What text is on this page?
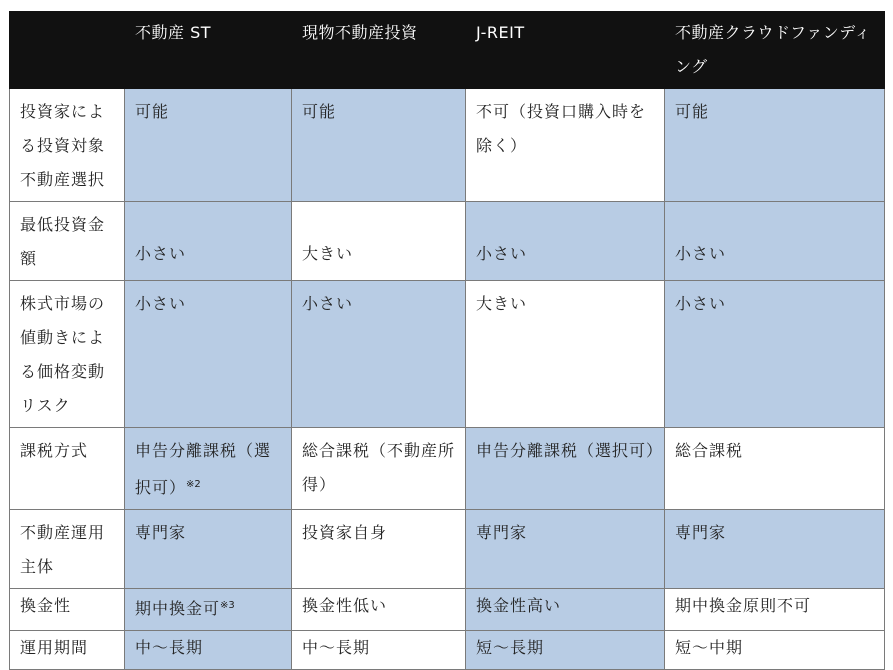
	不動産 ST	現物不動産投資	J-REIT	不動産クラウドファンディング

投資家による投資対象不動産選択	可能	可能	不可（投資口購入時を除く）	可能

最低投資金額	小さい	大きい	小さい	小さい

株式市場の値動きによる価格変動リスク	小さい	小さい	大きい	小さい

課税方式	申告分離課税（選択可）$^{※2}$	総合課税（不動産所得）	申告分離課税（選択可）	総合課税

不動産運用主体	専門家	投資家自身	専門家	専門家

換金性	期中換金可$^{※3}$	換金性低い	換金性高い	期中換金原則不可

運用期間	中〜長期	中〜長期	短〜長期	短〜中期
